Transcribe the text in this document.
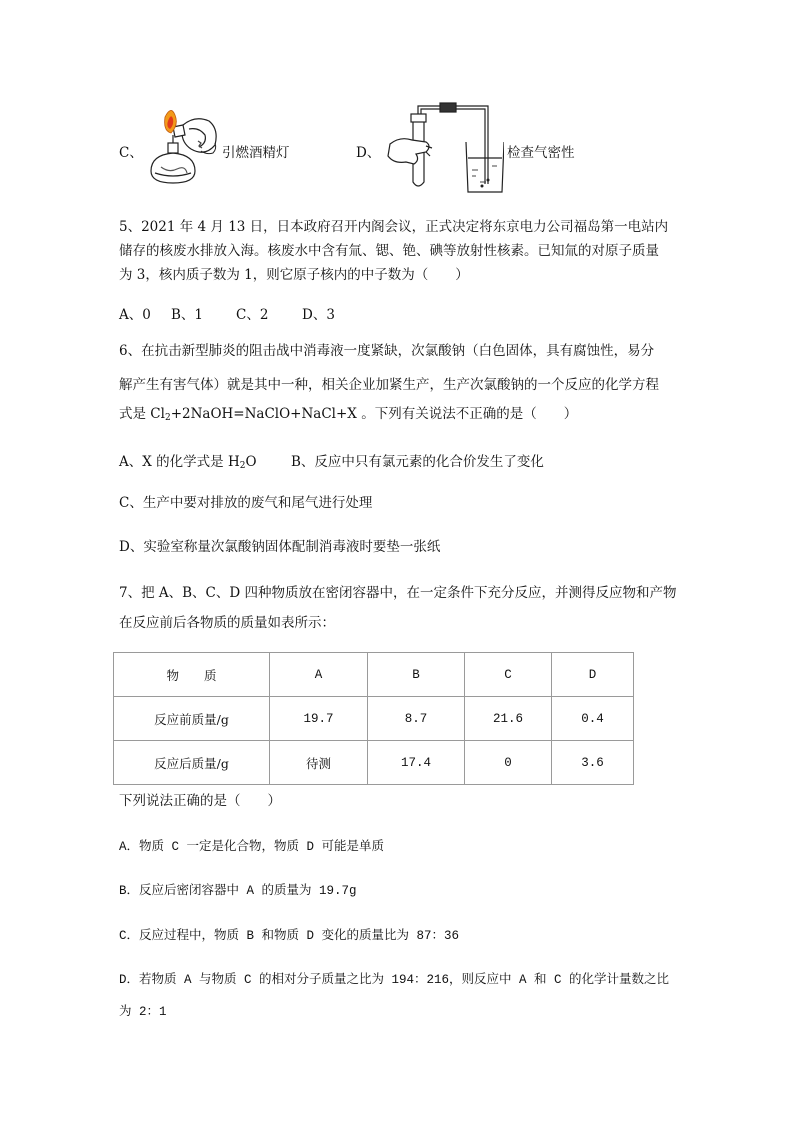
C、	引燃酒精灯	D、	检查气密性
5、2021 年 4 月 13 日，日本政府召开内阁会议，正式决定将东京电力公司福岛第一电站内
储存的核废水排放入海。核废水中含有氚、锶、铯、碘等放射性核素。已知氚的对原子质量
为 3，核内质子数为 1，则它原子核内的中子数为（　　）
A、0 B、1 C、2 D、3
6、在抗击新型肺炎的阻击战中消毒液一度紧缺，次氯酸钠（白色固体，具有腐蚀性，易分
解产生有害气体）就是其中一种，相关企业加紧生产，生产次氯酸钠的一个反应的化学方程
式是 $Cl_2+2NaOH=NaClO+NaCl+X$ 。下列有关说法不正确的是（　　）
A、X 的化学式是 $H_2O$	B、反应中只有氯元素的化合价发生了变化
C、生产中要对排放的废气和尾气进行处理
D、实验室称量次氯酸钠固体配制消毒液时要垫一张纸
7、把 A、B、C、D 四种物质放在密闭容器中，在一定条件下充分反应，并测得反应物和产物
在反应前后各物质的质量如表所示：
物　　质	A	B	C	D
反应前质量/g	19.7	8.7	21.6	0.4
反应后质量/g	待测	17.4	0	3.6
下列说法正确的是（　　）
A．物质 C 一定是化合物，物质 D 可能是单质
B．反应后密闭容器中 A 的质量为 19.7g
C．反应过程中，物质 B 和物质 D 变化的质量比为 87：36
D．若物质 A 与物质 C 的相对分子质量之比为 194：216，则反应中 A 和 C 的化学计量数之比
为 2：1
